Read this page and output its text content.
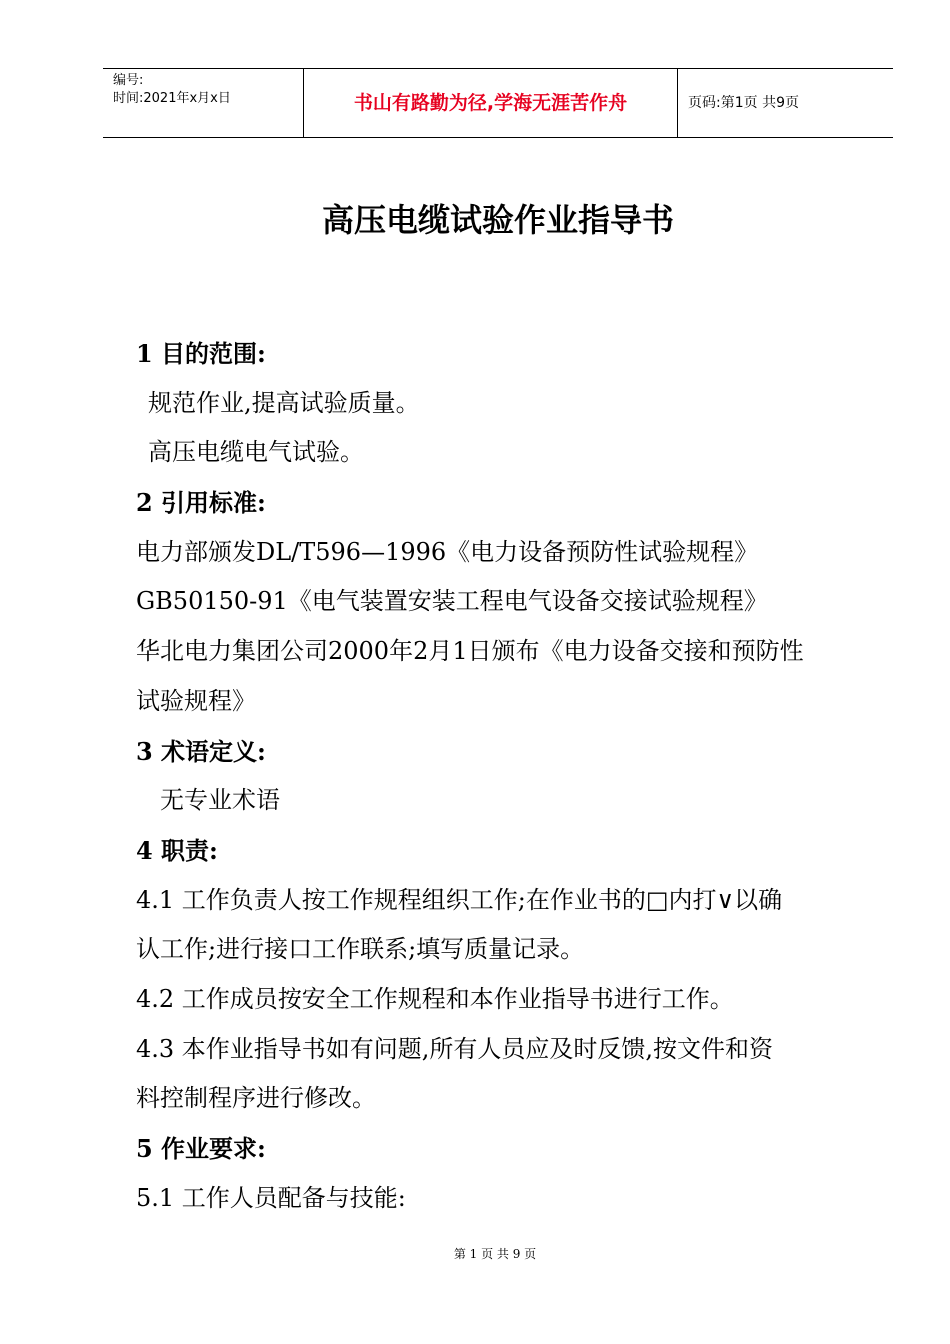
编号:
时间:2021年x月x日	书山有路勤为径,学海无涯苦作舟	页码:第1页 共9页
高压电缆试验作业指导书
1 目的范围:
规范作业,提高试验质量。
高压电缆电气试验。
2 引用标准:
电力部颁发DL/T596—1996《电力设备预防性试验规程》
GB50150-91《电气装置安装工程电气设备交接试验规程》
华北电力集团公司2000年2月1日颁布《电力设备交接和预防性
试验规程》
3 术语定义:
无专业术语
4 职责:
4.1 工作负责人按工作规程组织工作;在作业书的□内打∨以确
认工作;进行接口工作联系;填写质量记录。
4.2 工作成员按安全工作规程和本作业指导书进行工作。
4.3 本作业指导书如有问题,所有人员应及时反馈,按文件和资
料控制程序进行修改。
5 作业要求:
5.1 工作人员配备与技能:
第 1 页 共 9 页
